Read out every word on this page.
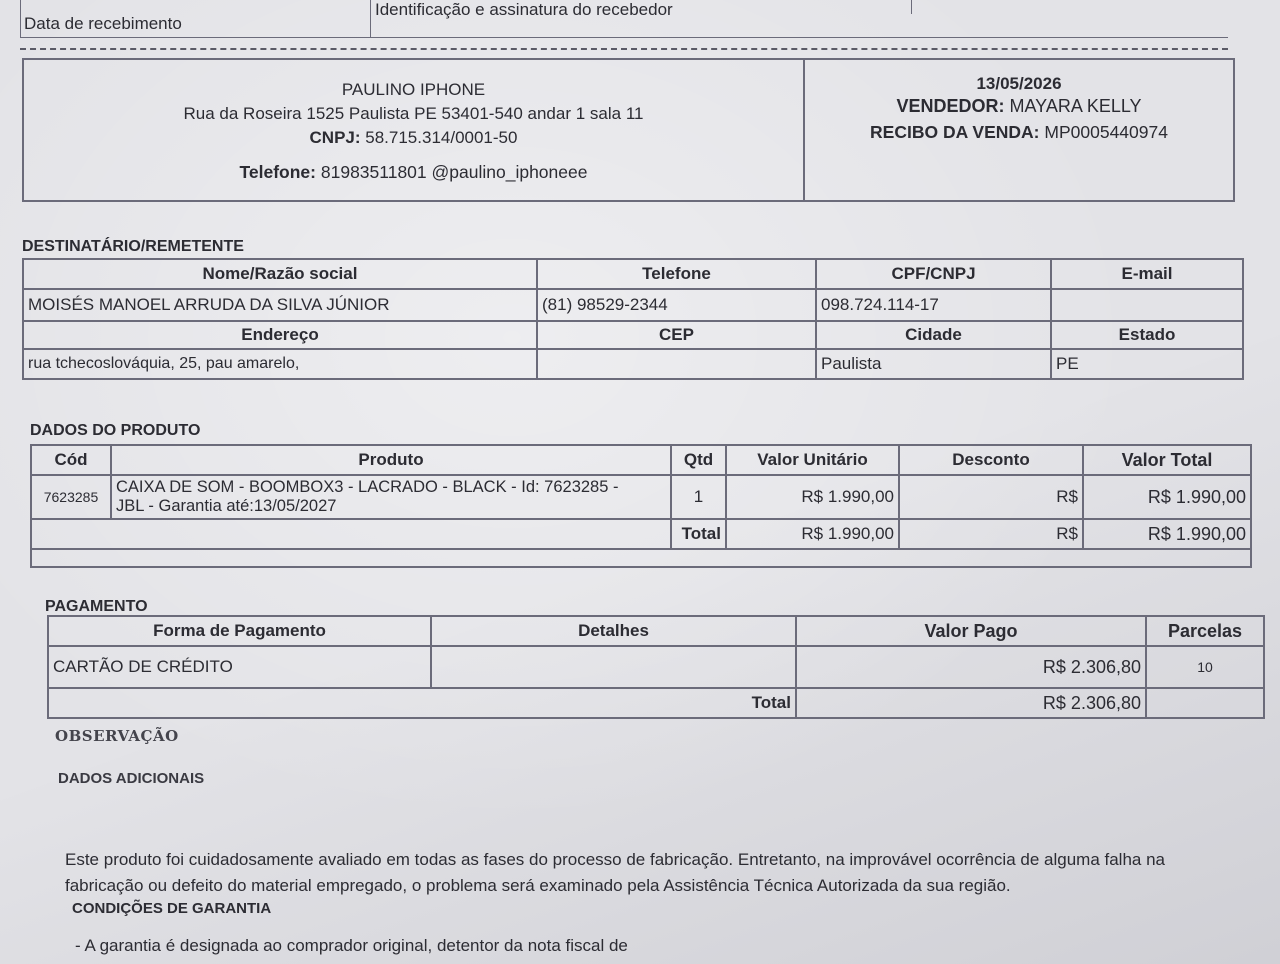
Data de recebimento
Identificação e assinatura do recebedor
PAULINO IPHONE
Rua da Roseira 1525 Paulista PE 53401-540 andar 1 sala 11
CNPJ: 58.715.314/0001-50
Telefone: 81983511801 @paulino_iphoneee
13/05/2026
VENDEDOR: MAYARA KELLY
RECIBO DA VENDA: MP0005440974
DESTINATÁRIO/REMETENTE
Nome/Razão social	Telefone	CPF/CNPJ	E-mail
MOISÉS MANOEL ARRUDA DA SILVA JÚNIOR	(81) 98529-2344	098.724.114-17	
Endereço	CEP	Cidade	Estado
rua tchecoslováquia, 25, pau amarelo,		Paulista	PE
DADOS DO PRODUTO
Cód	Produto	Qtd	Valor Unitário	Desconto	Valor Total
7623285	CAIXA DE SOM - BOOMBOX3 - LACRADO - BLACK - Id: 7623285 - JBL - Garantia até:13/05/2027	1	R$ 1.990,00	R$	R$ 1.990,00
		Total	R$ 1.990,00	R$	R$ 1.990,00

PAGAMENTO
Forma de Pagamento	Detalhes	Valor Pago	Parcelas
CARTÃO DE CRÉDITO		R$ 2.306,80	10
Total		R$ 2.306,80	
OBSERVAÇÃO
DADOS ADICIONAIS
Este produto foi cuidadosamente avaliado em todas as fases do processo de fabricação. Entretanto, na improvável ocorrência de alguma falha na
fabricação ou defeito do material empregado, o problema será examinado pela Assistência Técnica Autorizada da sua região.
CONDIÇÕES DE GARANTIA
- A garantia é designada ao comprador original, detentor da nota fiscal de
